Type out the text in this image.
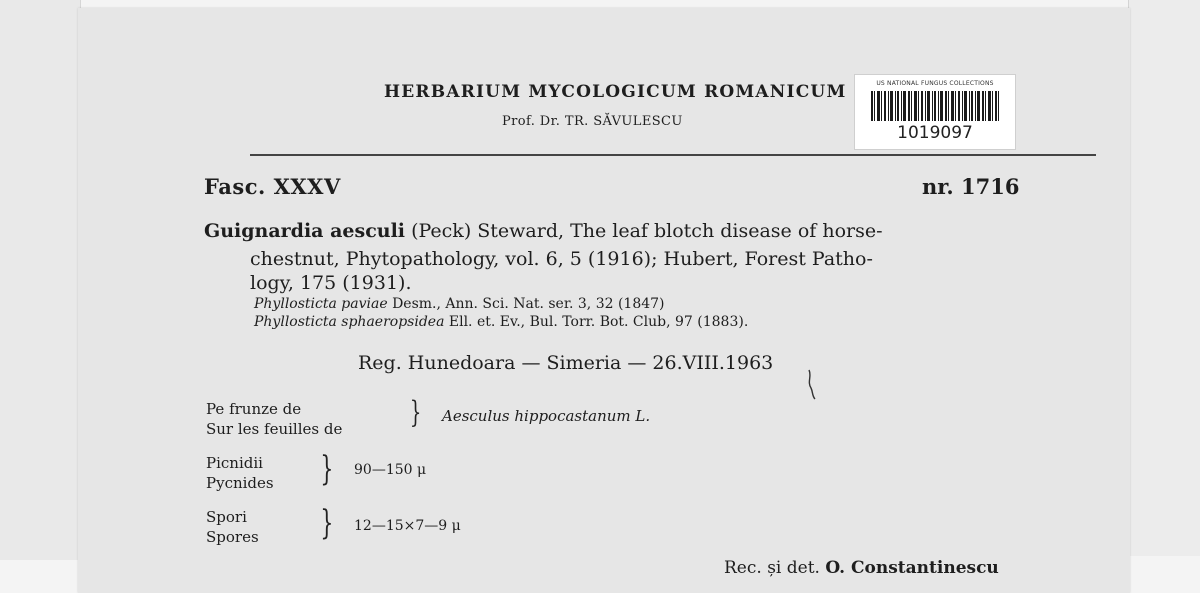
HERBARIUM MYCOLOGICUM ROMANICUM
Prof. Dr. TR. SĂVULESCU
US NATIONAL FUNGUS COLLECTIONS
1019097
Fasc. XXXV	nr. 1716
Guignardia aesculi (Peck) Steward, The leaf blotch disease of horse-
chestnut, Phytopathology, vol. 6, 5 (1916); Hubert, Forest Patho-
logy, 175 (1931).
Phyllosticta paviae Desm., Ann. Sci. Nat. ser. 3, 32 (1847)
Phyllosticta sphaeropsidea Ell. et. Ev., Bul. Torr. Bot. Club, 97 (1883).
Reg. Hunedoara — Simeria — 26.VIII.1963
Pe frunze de
Sur les feuilles de } Aesculus hippocastanum L.
Picnidii
Pycnides } 90—150 μ
Spori
Spores } 12—15×7—9 μ
Rec. și det. O. Constantinescu
